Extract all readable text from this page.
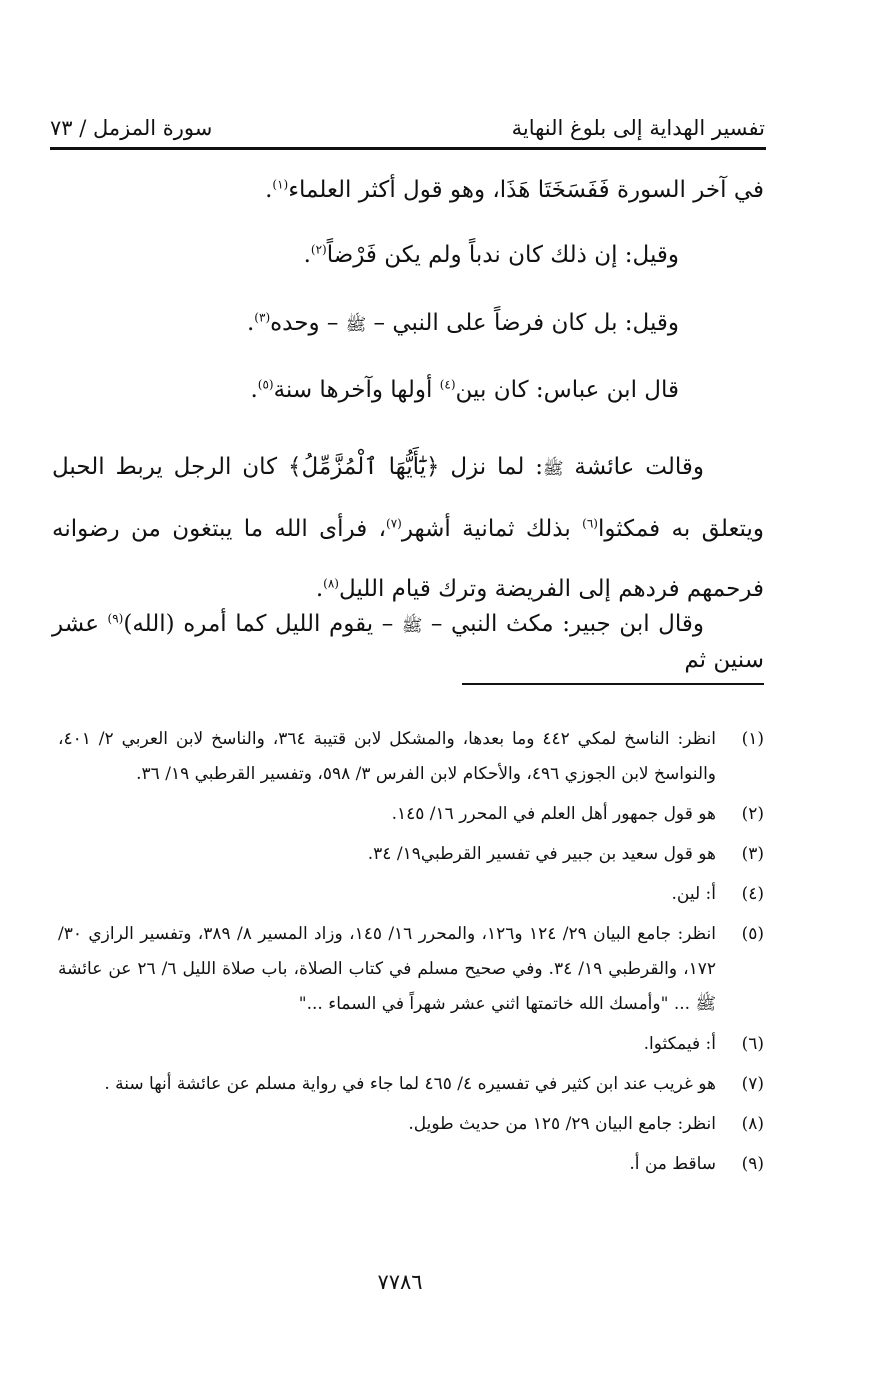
تفسير الهداية إلى بلوغ النهاية
سورة المزمل / ٧٣

في آخر السورة فَفَسَخَتَا هَذَا، وهو قول أكثر العلماء$^{(١)}$.

وقيل: إن ذلك كان ندباً ولم يكن فَرْضاً$^{(٢)}$.

وقيل: بل كان فرضاً على النبي – ﷺ – وحده$^{(٣)}$.

قال ابن عباس: كان بين$^{(٤)}$ أولها وآخرها سنة$^{(٥)}$.

وقالت عائشة ﷺ: لما نزل ﴿يَٰٓأَيُّهَا ٱلْمُزَّمِّلُ﴾ كان الرجل يربط الحبل ويتعلق به فمكثوا$^{(٦)}$ بذلك ثمانية أشهر$^{(٧)}$، فرأى الله ما يبتغون من رضوانه فرحمهم فردهم إلى الفريضة وترك قيام الليل$^{(٨)}$.

وقال ابن جبير: مكث النبي – ﷺ – يقوم الليل كما أمره (الله)$^{(٩)}$ عشر سنين ثم

(١)
انظر: الناسخ لمكي ٤٤٢ وما بعدها، والمشكل لابن قتيبة ٣٦٤، والناسخ لابن العربي ٢/ ٤٠١، والنواسخ لابن الجوزي ٤٩٦، والأحكام لابن الفرس ٣/ ٥٩٨، وتفسير القرطبي ١٩/ ٣٦.
(٢)
هو قول جمهور أهل العلم في المحرر ١٦/ ١٤٥.
(٣)
هو قول سعيد بن جبير في تفسير القرطبي١٩/ ٣٤.
(٤)
أ: لين.
(٥)
انظر: جامع البيان ٢٩/ ١٢٤ و١٢٦، والمحرر ١٦/ ١٤٥، وزاد المسير ٨/ ٣٨٩، وتفسير الرازي ٣٠/ ١٧٢، والقرطبي ١٩/ ٣٤. وفي صحيح مسلم في كتاب الصلاة، باب صلاة الليل ٦/ ٢٦ عن عائشة ﷺ ... "وأمسك الله خاتمتها اثني عشر شهراً في السماء ..."
(٦)
أ: فيمكثوا.
(٧)
هو غريب عند ابن كثير في تفسيره ٤/ ٤٦٥ لما جاء في رواية مسلم عن عائشة أنها سنة .
(٨)
انظر: جامع البيان ٢٩/ ١٢٥ من حديث طويل.
(٩)
ساقط من أ.
٧٧٨٦
